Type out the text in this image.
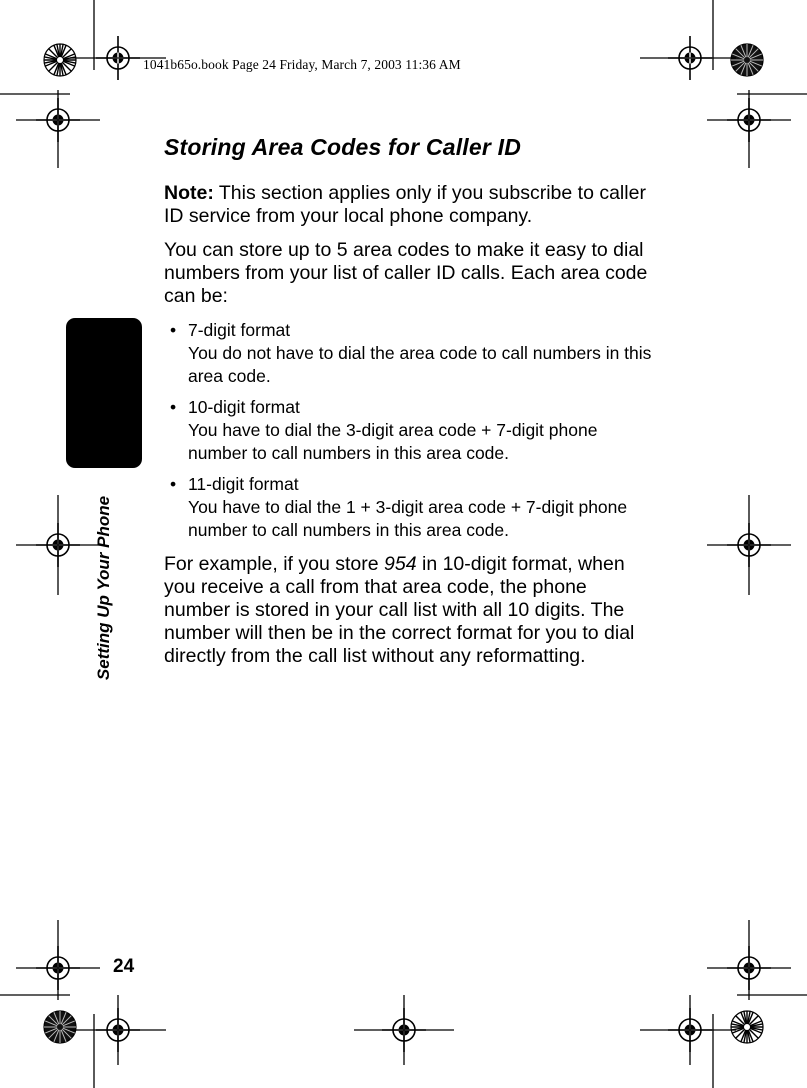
1041b65o.book Page 24 Friday, March 7, 2003 11:36 AM
Setting Up Your Phone
Storing Area Codes for Caller ID

Note: This section applies only if you subscribe to caller ID service from your local phone company.

You can store up to 5 area codes to make it easy to dial numbers from your list of caller ID calls. Each area code can be:

• 7-digit format
You do not have to dial the area code to call numbers in this area code.
• 10-digit format
You have to dial the 3-digit area code + 7-digit phone number to call numbers in this area code.
• 11-digit format
You have to dial the 1 + 3-digit area code + 7-digit phone number to call numbers in this area code.

For example, if you store 954 in 10-digit format, when you receive a call from that area code, the phone number is stored in your call list with all 10 digits. The number will then be in the correct format for you to dial directly from the call list without any reformatting.

24
